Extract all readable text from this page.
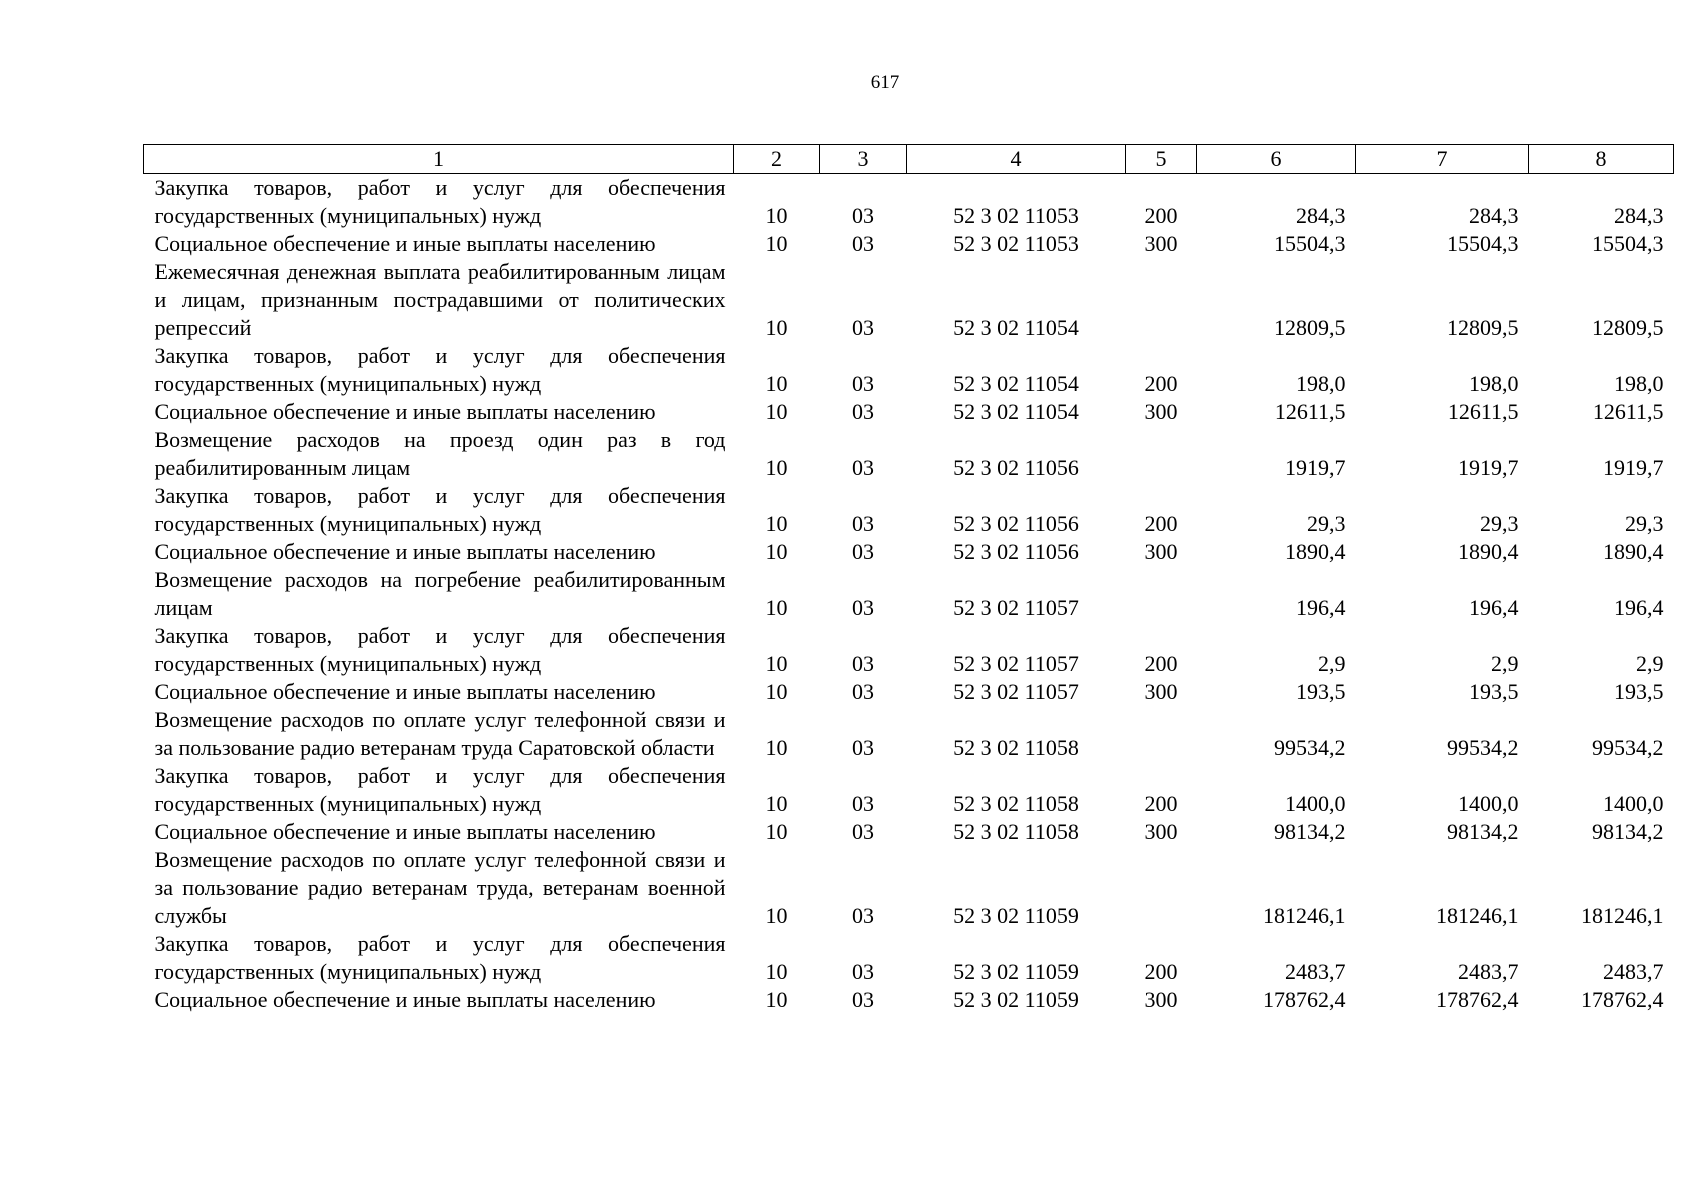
617
1	2	3	4	5	6	7	8
Закупка товаров, работ и услуг для обеспечения государственных (муниципальных) нужд	10	03	52 3 02 11053	200	284,3	284,3	284,3
Социальное обеспечение и иные выплаты населению	10	03	52 3 02 11053	300	15504,3	15504,3	15504,3
Ежемесячная денежная выплата реабилитированным лицам и лицам, признанным пострадавшими от политических репрессий	10	03	52 3 02 11054		12809,5	12809,5	12809,5
Закупка товаров, работ и услуг для обеспечения государственных (муниципальных) нужд	10	03	52 3 02 11054	200	198,0	198,0	198,0
Социальное обеспечение и иные выплаты населению	10	03	52 3 02 11054	300	12611,5	12611,5	12611,5
Возмещение расходов на проезд один раз в год реабилитированным лицам	10	03	52 3 02 11056		1919,7	1919,7	1919,7
Закупка товаров, работ и услуг для обеспечения государственных (муниципальных) нужд	10	03	52 3 02 11056	200	29,3	29,3	29,3
Социальное обеспечение и иные выплаты населению	10	03	52 3 02 11056	300	1890,4	1890,4	1890,4
Возмещение расходов на погребение реабилитированным лицам	10	03	52 3 02 11057		196,4	196,4	196,4
Закупка товаров, работ и услуг для обеспечения государственных (муниципальных) нужд	10	03	52 3 02 11057	200	2,9	2,9	2,9
Социальное обеспечение и иные выплаты населению	10	03	52 3 02 11057	300	193,5	193,5	193,5
Возмещение расходов по оплате услуг телефонной связи и за пользование радио ветеранам труда Саратовской области	10	03	52 3 02 11058		99534,2	99534,2	99534,2
Закупка товаров, работ и услуг для обеспечения государственных (муниципальных) нужд	10	03	52 3 02 11058	200	1400,0	1400,0	1400,0
Социальное обеспечение и иные выплаты населению	10	03	52 3 02 11058	300	98134,2	98134,2	98134,2
Возмещение расходов по оплате услуг телефонной связи и за пользование радио ветеранам труда, ветеранам военной службы	10	03	52 3 02 11059		181246,1	181246,1	181246,1
Закупка товаров, работ и услуг для обеспечения государственных (муниципальных) нужд	10	03	52 3 02 11059	200	2483,7	2483,7	2483,7
Социальное обеспечение и иные выплаты населению	10	03	52 3 02 11059	300	178762,4	178762,4	178762,4
